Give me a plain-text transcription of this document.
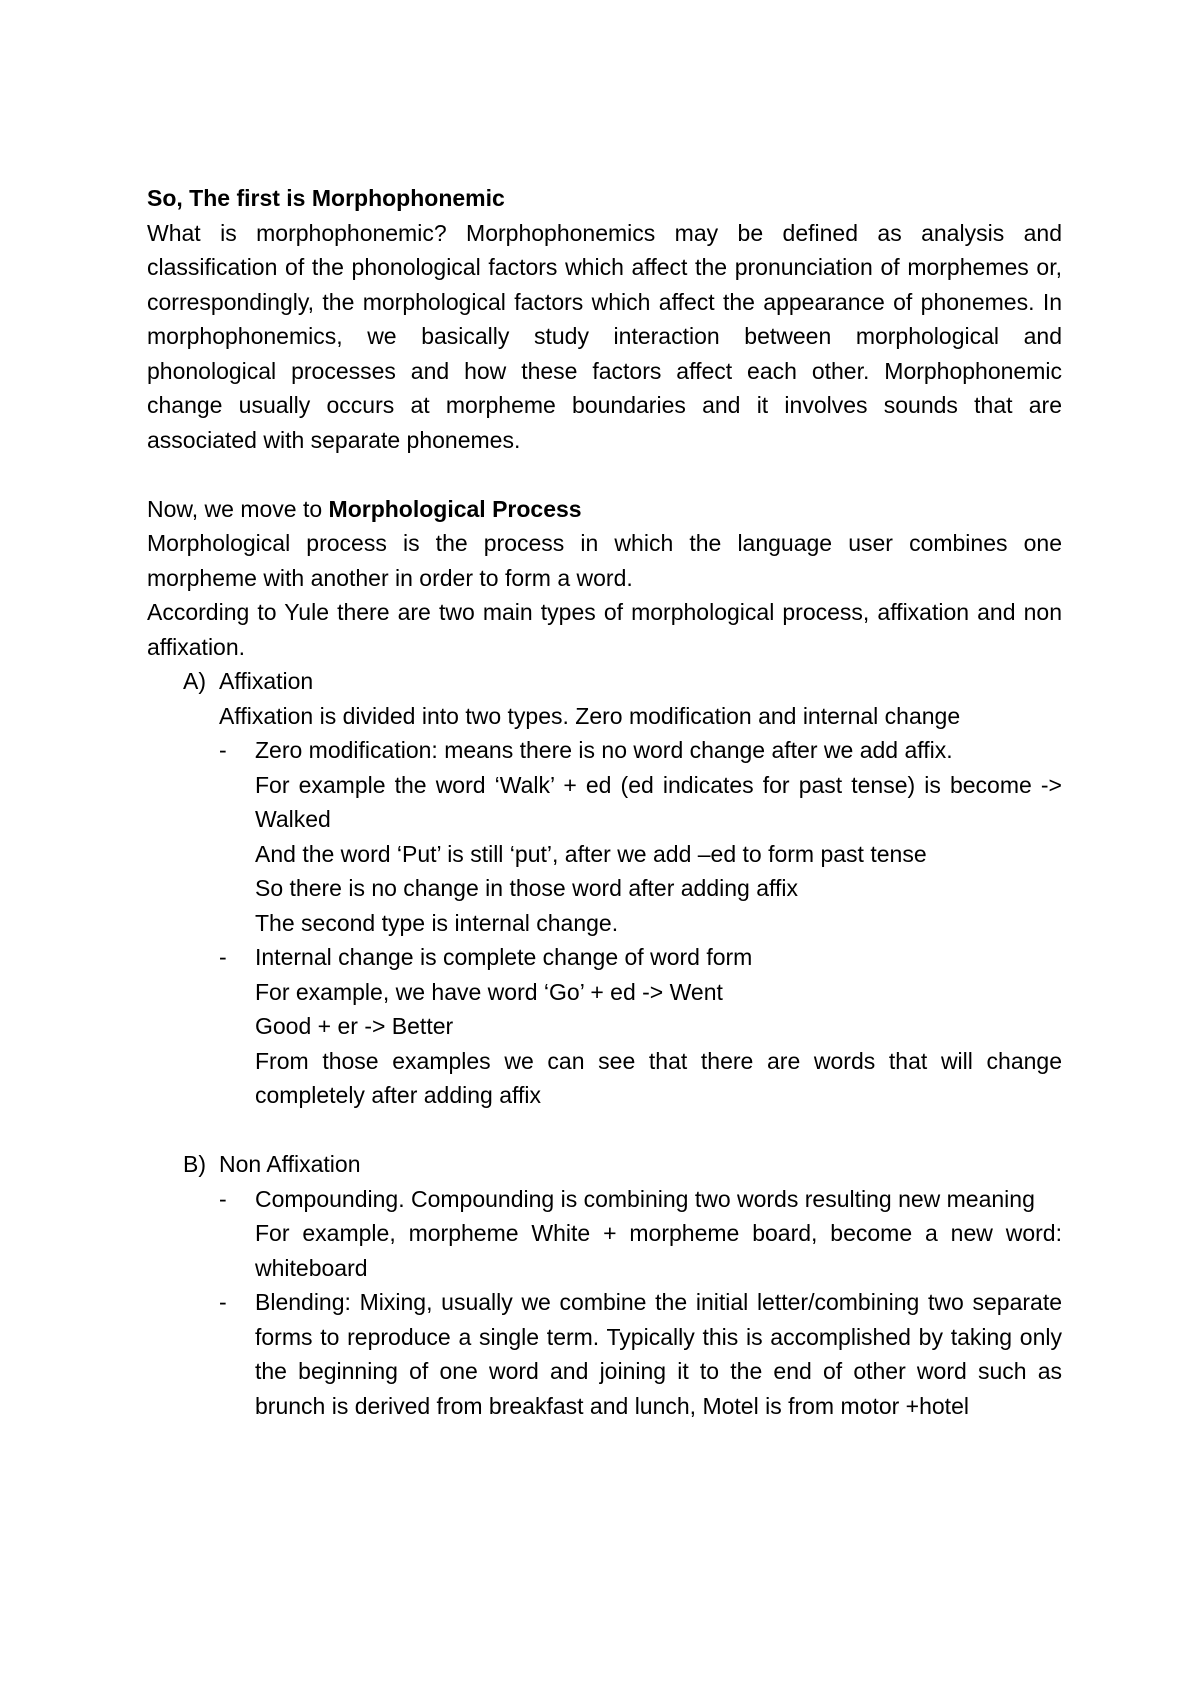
So, The first is Morphophonemic

What is morphophonemic? Morphophonemics may be defined as analysis and classification of the phonological factors which affect the pronunciation of morphemes or, correspondingly, the morphological factors which affect the appearance of phonemes. In morphophonemics, we basically study interaction between morphological and phonological processes and how these factors affect each other. Morphophonemic change usually occurs at morpheme boundaries and it involves sounds that are associated with separate phonemes.

Now, we move to Morphological Process

Morphological process is the process in which the language user combines one morpheme with another in order to form a word.

According to Yule there are two main types of morphological process, affixation and non affixation.

A) Affixation

Affixation is divided into two types. Zero modification and internal change

- Zero modification: means there is no word change after we add affix.

For example the word ‘Walk’ + ed (ed indicates for past tense) is become -> Walked

And the word ‘Put’ is still ‘put’, after we add –ed to form past tense

So there is no change in those word after adding affix

The second type is internal change.

- Internal change is complete change of word form

For example, we have word ‘Go’ + ed -> Went

Good + er -> Better

From those examples we can see that there are words that will change completely after adding affix

B) Non Affixation
- Compounding. Compounding is combining two words resulting new meaning

For example, morpheme White + morpheme board, become a new word: whiteboard

- Blending: Mixing, usually we combine the initial letter/combining two separate forms to reproduce a single term. Typically this is accomplished by taking only the beginning of one word and joining it to the end of other word such as brunch is derived from breakfast and lunch, Motel is from motor +hotel
